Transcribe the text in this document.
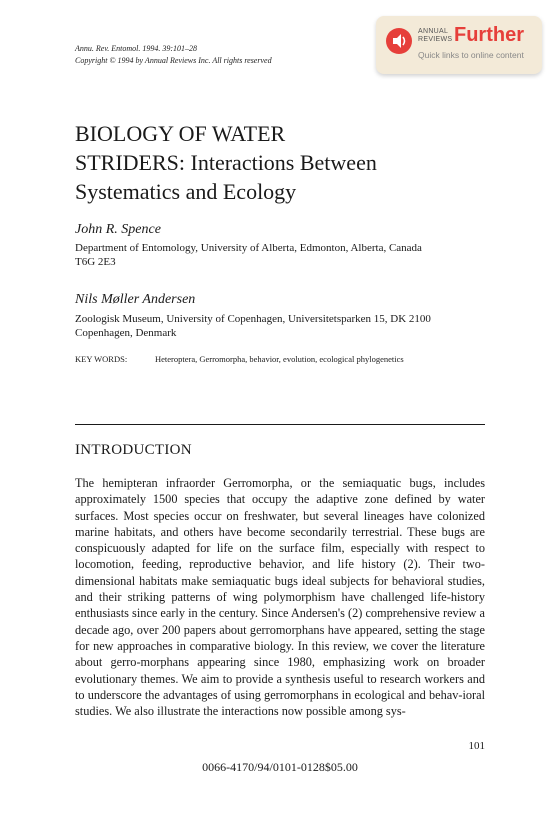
Annu. Rev. Entomol. 1994. 39:101–28
Copyright © 1994 by Annual Reviews Inc. All rights reserved
ANNUAL
REVIEWS Further
Quick links to online content
BIOLOGY OF WATER
STRIDERS: Interactions Between
Systematics and Ecology
John R. Spence
Department of Entomology, University of Alberta, Edmonton, Alberta, Canada
T6G 2E3
Nils Møller Andersen
Zoologisk Museum, University of Copenhagen, Universitetsparken 15, DK 2100
Copenhagen, Denmark
KEY WORDS:	Heteroptera, Gerromorpha, behavior, evolution, ecological phylogenetics
INTRODUCTION
The hemipteran infraorder Gerromorpha, or the semiaquatic bugs, includes approximately 1500 species that occupy the adaptive zone defined by water surfaces. Most species occur on freshwater, but several lineages have colonized marine habitats, and others have become secondarily terrestrial. These bugs are conspicuously adapted for life on the surface film, especially with respect to locomotion, feeding, reproductive behavior, and life history (2). Their two-dimensional habitats make semiaquatic bugs ideal subjects for behavioral studies, and their striking patterns of wing polymorphism have challenged life-history enthusiasts since early in the century. Since Andersen's (2) comprehensive review a decade ago, over 200 papers about gerromorphans have appeared, setting the stage for new approaches in comparative biology. In this review, we cover the literature about gerro-morphans appearing since 1980, emphasizing work on broader evolutionary themes. We aim to provide a synthesis useful to research workers and to underscore the advantages of using gerromorphans in ecological and behav-ioral studies. We also illustrate the interactions now possible among sys-
101
0066-4170/94/0101-0128$05.00
